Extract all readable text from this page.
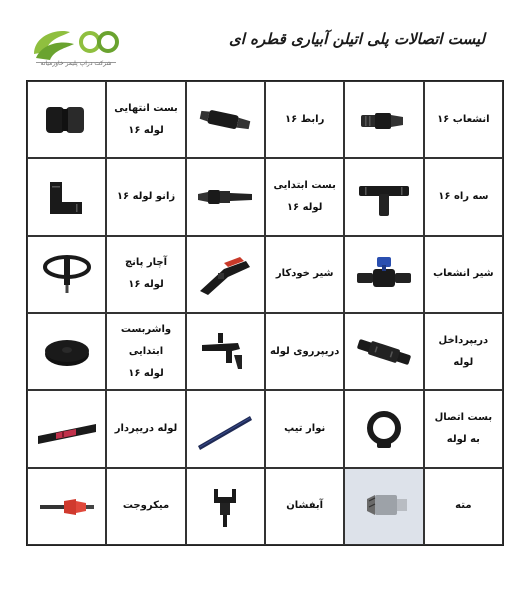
شرکت دراپ پلیمر خاورمیانه
لیست اتصالات پلی اتیلن آبیاری قطره ای
انشعاب ۱۶
رابط ۱۶
بست انتهایی
لوله ۱۶
سه راه ۱۶
بست ابتدایی
لوله ۱۶
زانو لوله ۱۶
شیر انشعاب
شیر خودکار
آچار پانچ
لوله ۱۶
دریپرداخل لوله
دریپرروی لوله
واشربست ابتدایی
لوله ۱۶
بست اتصال
به لوله
نوار تیپ
لوله دریپردار
مته
آبفشان
میکروجت
